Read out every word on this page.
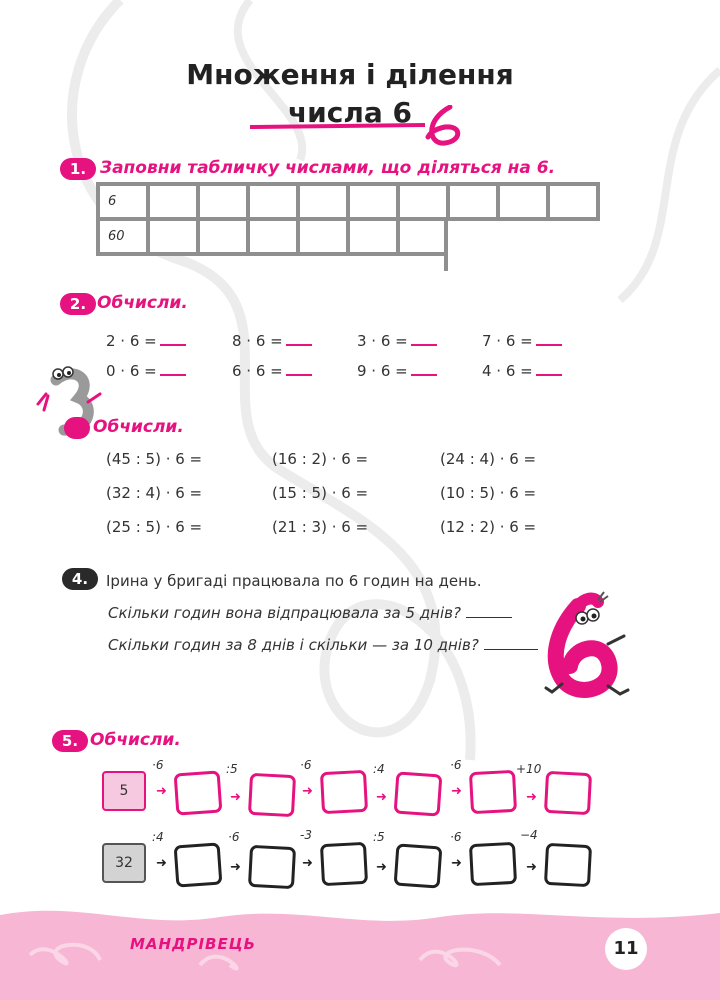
Множення і ділення
числа 6
1. Заповни табличку числами, що діляться на 6.
6
60
2. Обчисли.
2 · 6 =	8 · 6 =	3 · 6 =	7 · 6 =
0 · 6 =	6 · 6 =	9 · 6 =	4 · 6 =
Обчисли.
(45 : 5) · 6 =	(16 : 2) · 6 =	(24 : 4) · 6 =
(32 : 4) · 6 =	(15 : 5) · 6 =	(10 : 5) · 6 =
(25 : 5) · 6 =	(21 : 3) · 6 =	(12 : 2) · 6 =
4.	Ірина у бригаді працювала по 6 годин на день.
Скільки годин вона відпрацювала за 5 днів?
Скільки годин за 8 днів і скільки — за 10 днів?
5. Обчисли.
5
·6
➜
:5
➜
·6
➜
:4
➜
·6
➜
+10
➜
32
:4
➜
·6
➜
-3
➜
:5
➜
·6
➜
−4
➜
МАНДРІВЕЦЬ	11
